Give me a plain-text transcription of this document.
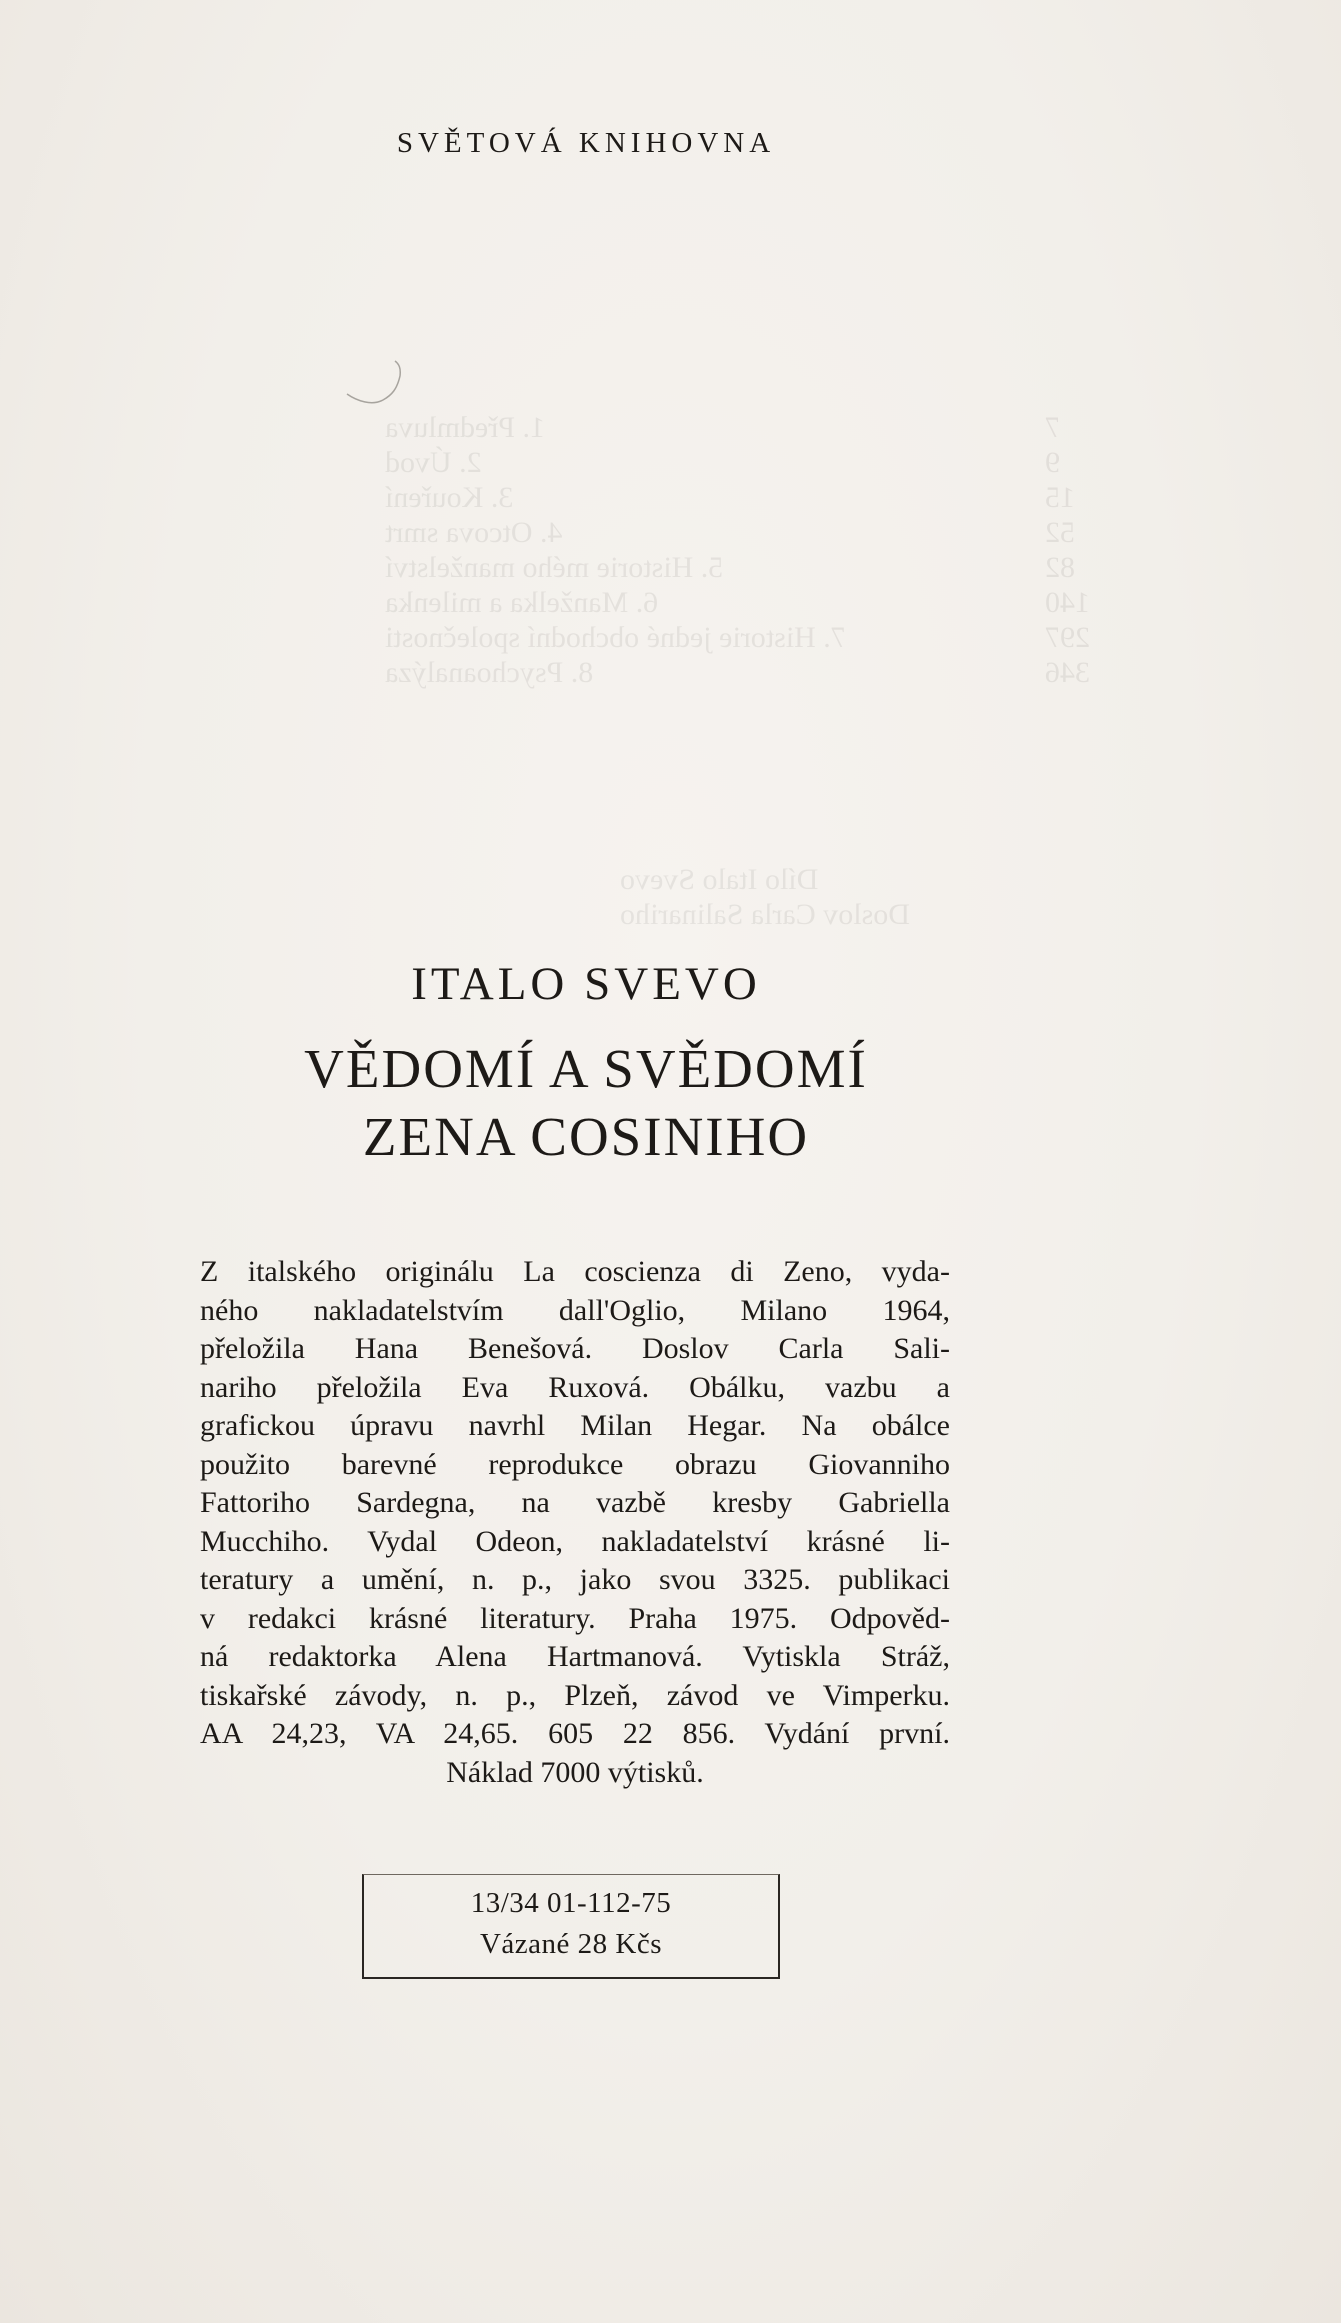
1. Předmluva
2. Úvod
3. Kouření
4. Otcova smrt
5. Historie mého manželství
6. Manželka a milenka
7. Historie jedné obchodní společnosti
8. Psychoanalýza
7
9
15
52
82
140
297
346
Dílo Italo Svevo
Doslov Carla Salinariho
SVĚTOVÁ KNIHOVNA
ITALO SVEVO
VĚDOMÍ A SVĚDOMÍ
ZENA COSINIHO
Z italského originálu La coscienza di Zeno, vyda-
ného nakladatelstvím dall'Oglio, Milano 1964,
přeložila Hana Benešová. Doslov Carla Sali-
nariho přeložila Eva Ruxová. Obálku, vazbu a
grafickou úpravu navrhl Milan Hegar. Na obálce
použito barevné reprodukce obrazu Giovanniho
Fattoriho Sardegna, na vazbě kresby Gabriella
Mucchiho. Vydal Odeon, nakladatelství krásné li-
teratury a umění, n. p., jako svou 3325. publikaci
v redakci krásné literatury. Praha 1975. Odpověd-
ná redaktorka Alena Hartmanová. Vytiskla Stráž,
tiskařské závody, n. p., Plzeň, závod ve Vimperku.
AA 24,23, VA 24,65. 605 22 856. Vydání první.
Náklad 7000 výtisků.
13/34 01-112-75
Vázané 28 Kčs
